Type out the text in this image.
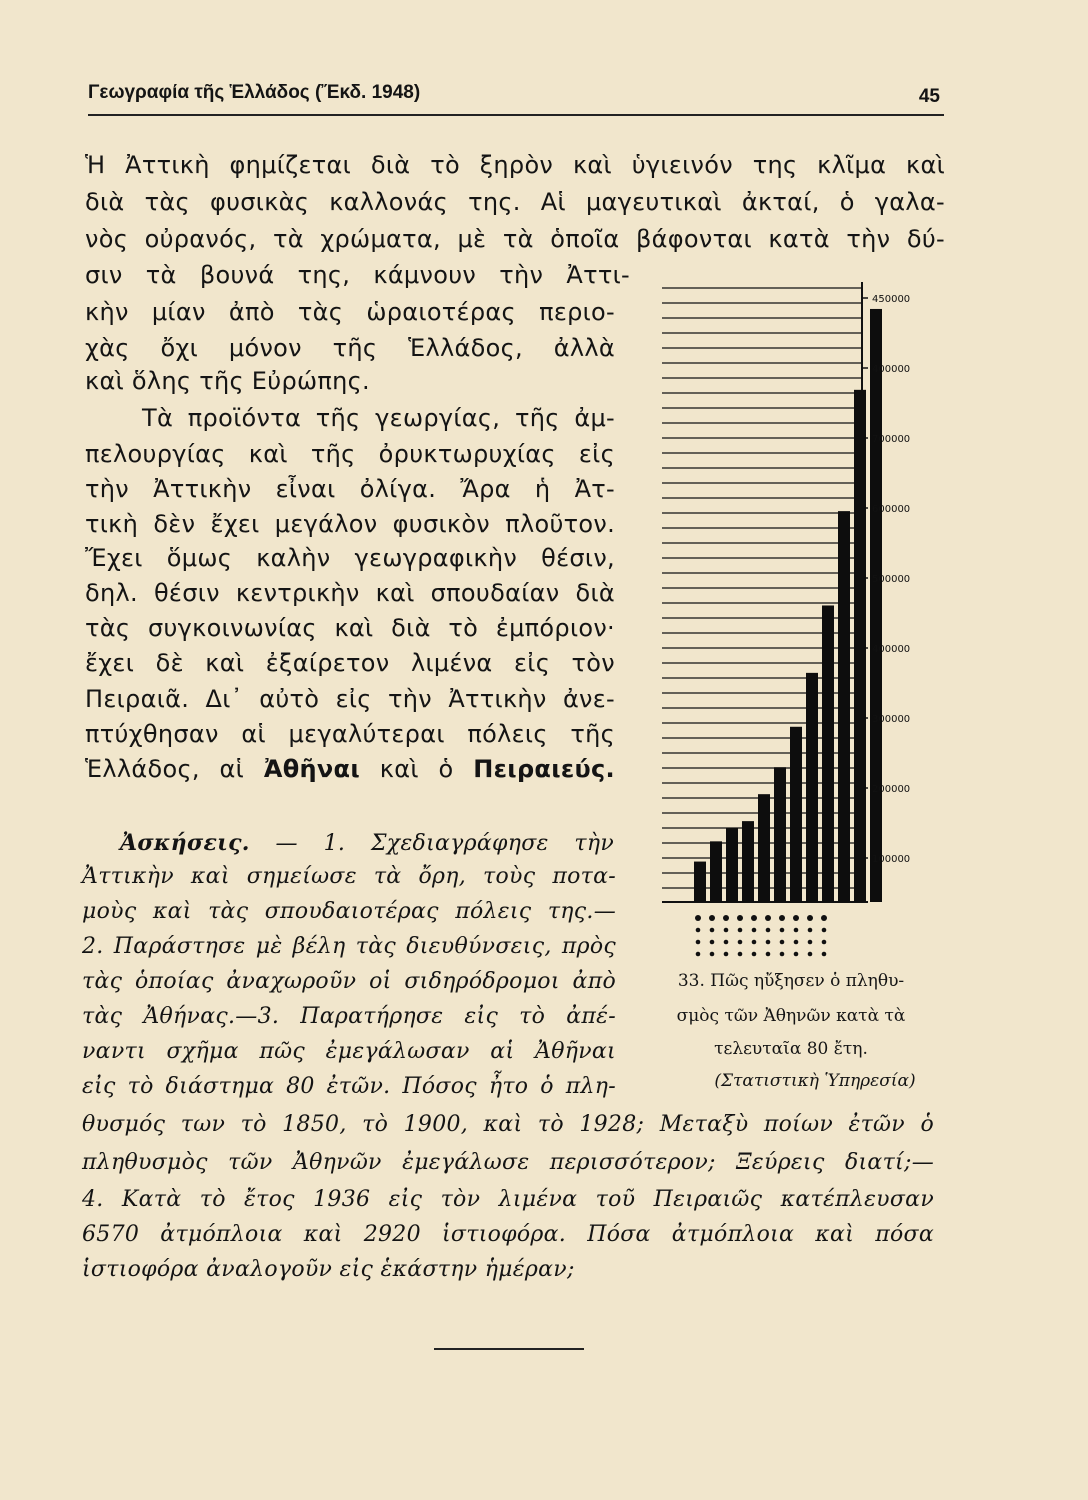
Γεωγραφία τῆς Ἑλλάδος (Ἔκδ. 1948)	45
Ἡ Ἀττικὴ φημίζεται διὰ τὸ ξηρὸν καὶ ὑγιεινόν της κλῖμα καὶ
διὰ τὰς φυσικὰς καλλονάς της. Αἱ μαγευτικαὶ ἀκταί, ὁ γαλα-
νὸς οὐρανός, τὰ χρώματα, μὲ τὰ ὁποῖα βάφονται κατὰ τὴν δύ-
σιν τὰ βουνά της, κάμνουν τὴν Ἀττι-
κὴν μίαν ἀπὸ τὰς ὡραιοτέρας περιο-
χὰς ὄχι μόνον τῆς Ἑλλάδος, ἀλλὰ
καὶ ὅλης τῆς Εὐρώπης.
Τὰ προϊόντα τῆς γεωργίας, τῆς ἀμ-
πελουργίας καὶ τῆς ὀρυκτωρυχίας εἰς
τὴν Ἀττικὴν εἶναι ὀλίγα. Ἄρα ἡ Ἀτ-
τικὴ δὲν ἔχει μεγάλον φυσικὸν πλοῦτον.
Ἔχει ὅμως καλὴν γεωγραφικὴν θέσιν,
δηλ. θέσιν κεντρικὴν καὶ σπουδαίαν διὰ
τὰς συγκοινωνίας καὶ διὰ τὸ ἐμπόριον·
ἔχει δὲ καὶ ἐξαίρετον λιμένα εἰς τὸν
Πειραιᾶ. Δι᾿ αὐτὸ εἰς τὴν Ἀττικὴν ἀνε-
πτύχθησαν αἱ μεγαλύτεραι πόλεις τῆς
Ἑλλάδος, αἱ Ἀθῆναι καὶ ὁ Πειραιεύς.
Ἀσκήσεις. — 1. Σχεδιαγράφησε τὴν
Ἀττικὴν καὶ σημείωσε τὰ ὄρη, τοὺς ποτα-
μοὺς καὶ τὰς σπουδαιοτέρας πόλεις της.—
2. Παράστησε μὲ βέλη τὰς διευθύνσεις, πρὸς
τὰς ὁποίας ἀναχωροῦν οἱ σιδηρόδρομοι ἀπὸ
τὰς Ἀθήνας.—3. Παρατήρησε εἰς τὸ ἀπέ-
ναντι σχῆμα πῶς ἐμεγάλωσαν αἱ Ἀθῆναι
εἰς τὸ διάστημα 80 ἐτῶν. Πόσος ἦτο ὁ πλη-
θυσμός των τὸ 1850, τὸ 1900, καὶ τὸ 1928; Μεταξὺ ποίων ἐτῶν ὁ
πληθυσμὸς τῶν Ἀθηνῶν ἐμεγάλωσε περισσότερον; Ξεύρεις διατί;—
4. Κατὰ τὸ ἔτος 1936 εἰς τὸν λιμένα τοῦ Πειραιῶς κατέπλευσαν
6570 ἀτμόπλοια καὶ 2920 ἱστιοφόρα. Πόσα ἀτμόπλοια καὶ πόσα
ἱστιοφόρα ἀναλογοῦν εἰς ἑκάστην ἡμέραν;
450000
400000
700000
600000
500000
400000
300000
200000
100000
33. Πῶς ηὔξησεν ὁ πληθυ-
σμὸς τῶν Ἀθηνῶν κατὰ τὰ
τελευταῖα 80 ἔτη.
(Στατιστικὴ Ὑπηρεσία)
